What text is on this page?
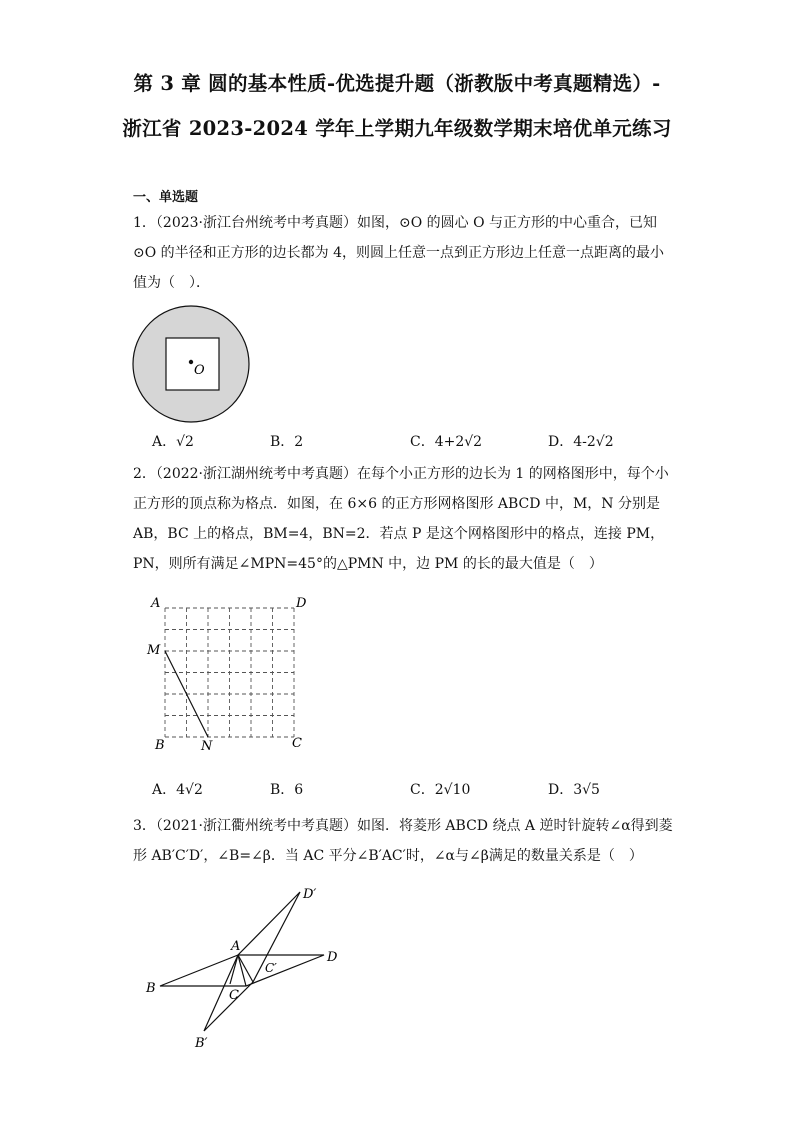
第 3 章 圆的基本性质-优选提升题（浙教版中考真题精选）-
浙江省 2023-2024 学年上学期九年级数学期末培优单元练习
一、单选题
1．（2023·浙江台州统考中考真题）如图，⊙O 的圆心 O 与正方形的中心重合，已知⊙O 的半径和正方形的边长都为 4，则圆上任意一点到正方形边上任意一点距离的最小值为（　）．
O
A．√2	B．2	C．4+2√2	D．4-2√2
2．（2022·浙江湖州统考中考真题）在每个小正方形的边长为 1 的网格图形中，每个小正方形的顶点称为格点．如图，在 6×6 的正方形网格图形 ABCD 中，M，N 分别是 AB，BC 上的格点，BM=4，BN=2．若点 P 是这个网格图形中的格点，连接 PM，PN，则所有满足∠MPN=45°的△PMN 中，边 PM 的长的最大值是（　）
A	D
M
B	N	C
A．4√2	B．6	C．2√10	D．3√5
3．（2021·浙江衢州统考中考真题）如图．将菱形 ABCD 绕点 A 逆时针旋转∠α得到菱形 AB′C′D′，∠B=∠β．当 AC 平分∠B′AC′时，∠α与∠β满足的数量关系是（　）
D′
A
C′
D
B	C
B′
